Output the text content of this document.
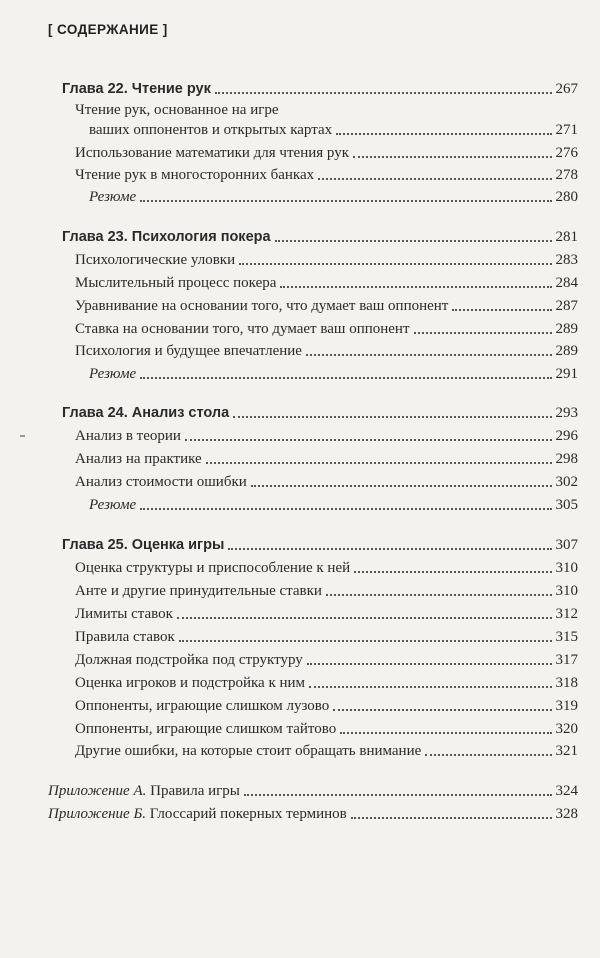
[ СОДЕРЖАНИЕ ]
Глава 22. Чтение рук	267
Чтение рук, основанное на игре
ваших оппонентов и открытых картах	271
Использование математики для чтения рук	276
Чтение рук в многосторонних банках	278
Резюме	280
Глава 23. Психология покера	281
Психологические уловки	283
Мыслительный процесс покера	284
Уравнивание на основании того, что думает ваш оппонент	287
Ставка на основании того, что думает ваш оппонент	289
Психология и будущее впечатление	289
Резюме	291
Глава 24. Анализ стола	293
Анализ в теории	296
Анализ на практике	298
Анализ стоимости ошибки	302
Резюме	305
Глава 25. Оценка игры	307
Оценка структуры и приспособление к ней	310
Анте и другие принудительные ставки	310
Лимиты ставок	312
Правила ставок	315
Должная подстройка под структуру	317
Оценка игроков и подстройка к ним	318
Оппоненты, играющие слишком лузово	319
Оппоненты, играющие слишком тайтово	320
Другие ошибки, на которые стоит обращать внимание	321
Приложение А. Правила игры	324
Приложение Б. Глоссарий покерных терминов	328
